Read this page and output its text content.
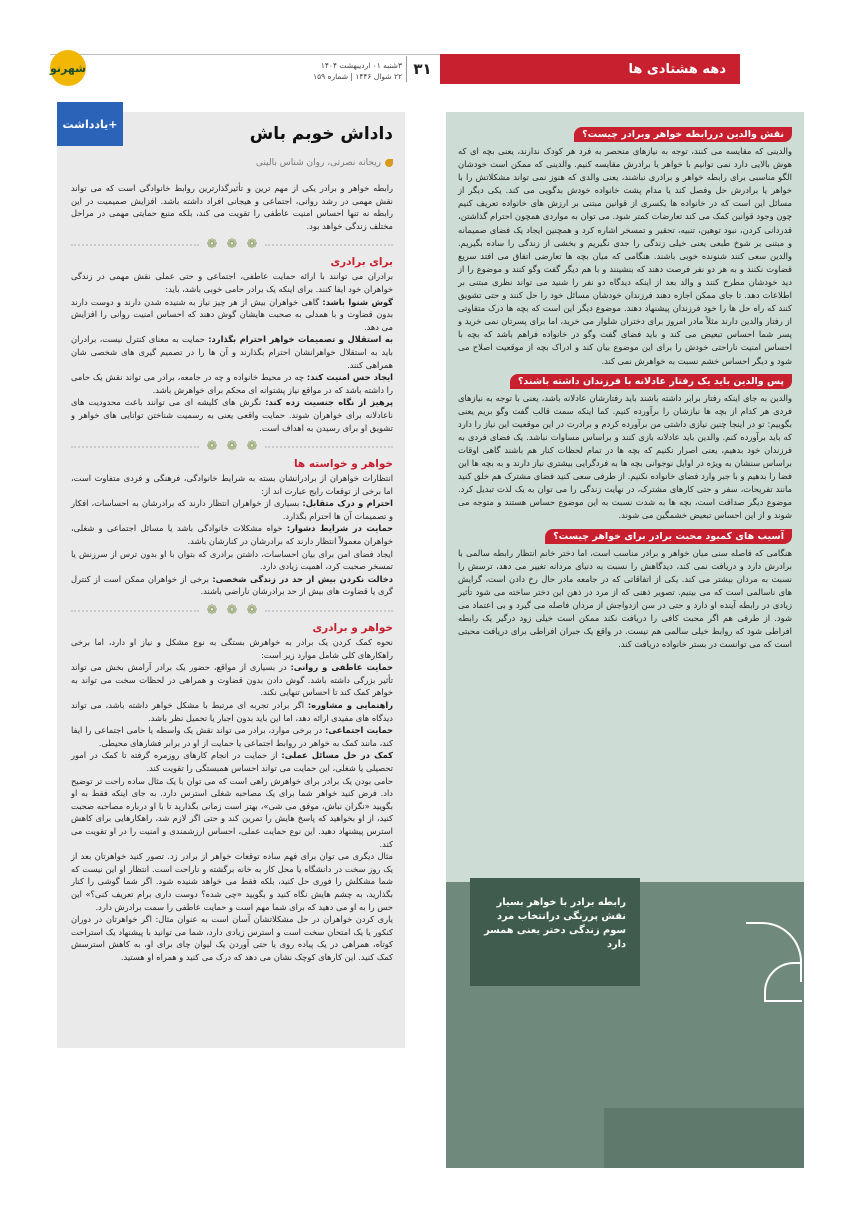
دهه هشتادی ها
۳۱
۳شنبه ۰۱ اردیبهشت ۱۴۰۴
۲۲ شوال ۱۴۴۶ | شماره ۱۵۹
شهرنو
نقش والدین دررابطه خواهر وبرادر چیست؟

والدینی که مقایسه می کنند، توجه به نیازهای منحصر به فرد هر کودک ندارند، یعنی بچه ای که هوش بالایی دارد نمی توانیم با خواهر یا برادرش مقایسه کنیم. والدینی که ممکن است خودشان الگو مناسبی برای رابطه خواهر و برادری نباشند، یعنی والدی که هنوز نمی تواند مشکلاتش را با خواهر یا برادرش حل وفصل کند یا مدام پشت خانواده خودش بدگویی می کند. یکی دیگر از مسائل این است که در خانواده ها یکسری از قوانین مبتنی بر ارزش های خانواده تعریف کنیم چون وجود قوانین کمک می کند تعارضات کمتر شود. می توان به مواردی همچون احترام گذاشتن، قدردانی کردن، نبود توهین، تنبیه، تحقیر و تمسخر اشاره کرد و همچنین ایجاد یک فضای صمیمانه و مبتنی بر شوخ طبعی یعنی خیلی زندگی را جدی نگیریم و بخشی از زندگی را ساده بگیریم. والدین سعی کنند شنونده خوبی باشند. هنگامی که میان بچه ها تعارضی اتفاق می افتد سریع قضاوت نکنند و به هر دو نفر فرصت دهند که بنشینند و با هم دیگر گفت وگو کنند و موضوع را از دید خودشان مطرح کنند و والد بعد از اینکه دیدگاه دو نفر را شنید می تواند نظری مبتنی بر اطلاعات دهد. تا جای ممکن اجازه دهند فرزندان خودشان مسائل خود را حل کنند و حتی تشویق کنند که راه حل ها را خود فرزندان پیشنهاد دهند. موضوع دیگر این است که بچه ها درک متفاوتی از رفتار والدین دارند مثلاً مادر امروز برای دختران شلوار می خرید، اما برای پسرتان نمی خرید و پسر شما احساس تبعیض می کند و باید فضای گفت وگو در خانواده فراهم باشد که بچه با احساس امنیت ناراحتی خودش را برای این موضوع بیان کند و ادراک بچه از موقعیت اصلاح می شود و دیگر احساس خشم نسبت به خواهرش نمی کند.

پس والدین باید یک رفتار عادلانه با فرزندان داشته باشند؟

والدین به جای اینکه رفتار برابر داشته باشند باید رفتارشان عادلانه باشد، یعنی با توجه به نیازهای فردی هر کدام از بچه ها نیازشان را برآورده کنیم. کما اینکه سمت قالب گفت وگو بریم یعنی بگوییم: تو در اینجا چنین نیازی داشتی من برآورده کردم و برادرت در این موقعیت این نیاز را دارد که باید برآورده کنم. والدین باید عادلانه بازی کنند و براساس مساوات نباشد. یک فضای فردی به فرزندان خود بدهیم، یعنی اصرار نکنیم که بچه ها در تمام لحظات کنار هم باشند گاهی اوقات براساس سنشان به ویژه در اوایل نوجوانی بچه ها به فردگرایی بیشتری نیاز دارند و به بچه ها این فضا را بدهیم و با جبر وارد فضای خانواده نکنیم. از طرفی سعی کنید فضای مشترک هم خلق کنید مانند تفریحات، سفر و حتی کارهای مشترک، در نهایت زندگی را می توان به یک لذت تبدیل کرد. موضوع دیگر صداقت است، بچه ها به شدت نسبت به این موضوع حساس هستند و متوجه می شوند و از این احساس تبعیض خشمگین می شوند.

آسیب های کمبود محبت برادر برای خواهر چیست؟

هنگامی که فاصله سنی میان خواهر و برادر مناسب است، اما دختر خانم انتظار رابطه سالمی با برادرش دارد و دریافت نمی کند، دیدگاهش را نسبت به دنیای مردانه تغییر می دهد، ترسش را نسبت به مردان بیشتر می کند. یکی از اتفاقاتی که در جامعه مادر حال رخ دادن است، گرایش های ناسالمی است که می بینیم. تصویر ذهنی که از مرد در ذهن این دختر ساخته می شود تأثیر زیادی در رابطه آینده او دارد و حتی در سن ازدواجش از مردان فاصله می گیرد و بی اعتماد می شود. از طرفی هم اگر محبت کافی را دریافت نکند ممکن است خیلی زود درگیر یک رابطه افراطی شود که روابط خیلی سالمی هم نیست. در واقع یک جبران افراطی برای دریافت محبتی است که می توانست در بستر خانواده دریافت کند.

رابطه برادر با خواهر بسیار نقش پررنگی درانتخاب مرد سوم زندگی دختر یعنی همسر دارد
+یادداشت	داداش خوبم باش
ریحانه نصرتی، روان شناس بالینی

رابطه خواهر و برادر یکی از مهم ترین و تأثیرگذارترین روابط خانوادگی است که می تواند نقش مهمی در رشد روانی، اجتماعی و هیجانی افراد داشته باشد. افزایش صمیمیت در این رابطه نه تنها احساس امنیت عاطفی را تقویت می کند، بلکه منبع حمایتی مهمی در مراحل مختلف زندگی خواهد بود.

❁
❁
❁
برای برادری

برادران می توانند با ارائه حمایت عاطفی، اجتماعی و حتی عملی نقش مهمی در زندگی خواهران خود ایفا کنند. برای اینکه یک برادر حامی خوبی باشد، باید:

گوش شنوا باشد: گاهی خواهران بیش از هر چیز نیاز به شنیده شدن دارند و دوست دارند بدون قضاوت و با همدلی به صحبت هایشان گوش دهند که احساس امنیت روانی را افزایش می دهد.

به استقلال و تصمیمات خواهر احترام بگذارد: حمایت به معنای کنترل نیست، برادران باید به استقلال خواهرانشان احترام بگذارند و آن ها را در تصمیم گیری های شخصی شان همراهی کنند.

ایجاد حس امنیت کند: چه در محیط خانواده و چه در جامعه، برادر می تواند نقش یک حامی را داشته باشد که در مواقع نیاز پشتوانه ای محکم برای خواهرش باشد.

پرهیز از نگاه جنسیت زده کند: نگرش های کلیشه ای می توانند باعث محدودیت های ناعادلانه برای خواهران شوند. حمایت واقعی یعنی به رسمیت شناختن توانایی های خواهر و تشویق او برای رسیدن به اهداف است.

❁
❁
❁
خواهر و خواسته ها

انتظارات خواهران از برادرانشان بسته به شرایط خانوادگی، فرهنگی و فردی متفاوت است، اما برخی از توقعات رایج عبارت اند از:

احترام و درک متقابل: بسیاری از خواهران انتظار دارند که برادرشان به احساسات، افکار و تصمیمات آن ها احترام بگذارد.

حمایت در شرایط دشوار: خواه مشکلات خانوادگی باشد یا مسائل اجتماعی و شغلی، خواهران معمولاً انتظار دارند که برادرشان در کنارشان باشد.

ایجاد فضای امن برای بیان احساسات، داشتن برادری که بتوان با او بدون ترس از سرزنش یا تمسخر صحبت کرد، اهمیت زیادی دارد.

دخالت نکردن بیش از حد در زندگی شخصی: برخی از خواهران ممکن است از کنترل گری یا قضاوت های بیش از حد برادرشان ناراضی باشند.

❁
❁
❁
خواهر و برادری

نحوه کمک کردن یک برادر به خواهرش بستگی به نوع مشکل و نیاز او دارد، اما برخی راهکارهای کلی شامل موارد زیر است:

حمایت عاطفی و روانی: در بسیاری از مواقع، حضور یک برادر آرامش بخش می تواند تأثیر بزرگی داشته باشد. گوش دادن بدون قضاوت و همراهی در لحظات سخت می تواند به خواهر کمک کند تا احساس تنهایی نکند.

راهنمایی و مشاوره: اگر برادر تجربه ای مرتبط با مشکل خواهر داشته باشد، می تواند دیدگاه های مفیدی ارائه دهد، اما این باید بدون اجبار یا تحمیل نظر باشد.

حمایت اجتماعی: در برخی موارد، برادر می تواند نقش یک واسطه یا حامی اجتماعی را ایفا کند، مانند کمک به خواهر در روابط اجتماعی یا حمایت از او در برابر فشارهای محیطی.

کمک در حل مسائل عملی: از حمایت در انجام کارهای روزمره گرفته تا کمک در امور تحصیلی یا شغلی، این حمایت می تواند احساس همبستگی را تقویت کند.

حامی بودن یک برادر برای خواهرش راهی است که می توان با یک مثال ساده راحت تر توضیح داد. فرض کنید خواهر شما برای یک مصاحبه شغلی استرس دارد. به جای اینکه فقط به او بگویید «نگران نباش، موفق می شی»، بهتر است زمانی بگذارید تا با او درباره مصاحبه صحبت کنید، از او بخواهید که پاسخ هایش را تمرین کند و حتی اگر لازم شد، راهکارهایی برای کاهش استرس پیشنهاد دهید. این نوع حمایت عملی، احساس ارزشمندی و امنیت را در او تقویت می کند.

مثال دیگری می توان برای فهم ساده توقعات خواهر از برادر زد. تصور کنید خواهرتان بعد از یک روز سخت در دانشگاه یا محل کار به خانه برگشته و ناراحت است. انتظار او این نیست که شما مشکلش را فوری حل کنید، بلکه فقط می خواهد شنیده شود. اگر شما گوشی را کنار بگذارید، به چشم هایش نگاه کنید و بگویید «چی شده؟ دوست داری برام تعریف کنی؟» این حس را به او می دهید که برای شما مهم است و حمایت عاطفی را سمت برادرش دارد.

یاری کردن خواهران در حل مشکلاتشان آسان است به عنوان مثال: اگر خواهرتان در دوران کنکور یا یک امتحان سخت است و استرس زیادی دارد، شما می توانید با پیشنهاد یک استراحت کوتاه، همراهی در یک پیاده روی یا حتی آوردن یک لیوان چای برای او، به کاهش استرسش کمک کنید. این کارهای کوچک نشان می دهد که درک می کنید و همراه او هستید.
